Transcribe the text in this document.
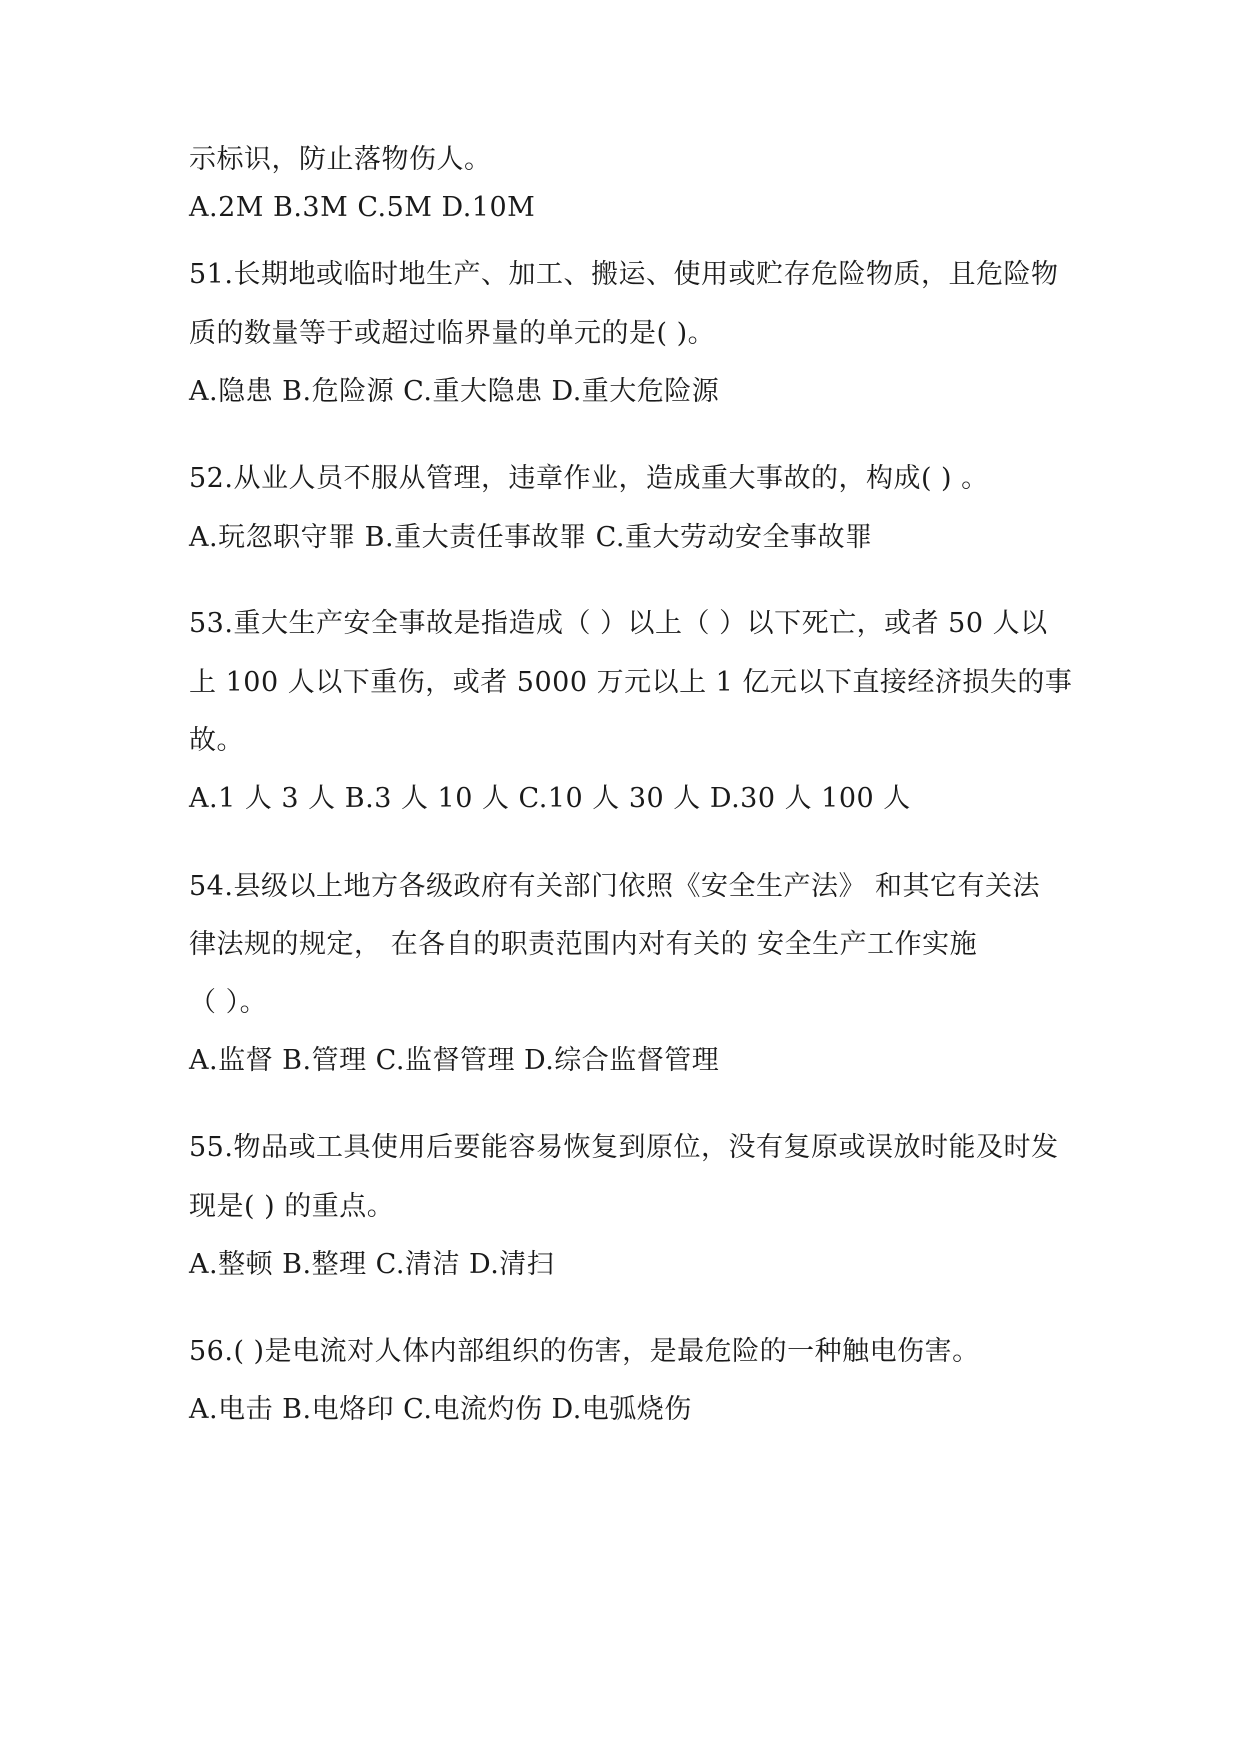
示标识，防止落物伤人。
A.2M B.3M C.5M D.10M
51.长期地或临时地生产、加工、搬运、使用或贮存危险物质，且危险物
质的数量等于或超过临界量的单元的是( )。
A.隐患 B.危险源 C.重大隐患 D.重大危险源
52.从业人员不服从管理，违章作业，造成重大事故的，构成( ) 。
A.玩忽职守罪 B.重大责任事故罪 C.重大劳动安全事故罪
53.重大生产安全事故是指造成（ ）以上（ ）以下死亡，或者 50 人以
上 100 人以下重伤，或者 5000 万元以上 1 亿元以下直接经济损失的事
故。
A.1 人 3 人 B.3 人 10 人 C.10 人 30 人 D.30 人 100 人
54.县级以上地方各级政府有关部门依照《安全生产法》 和其它有关法
律法规的规定， 在各自的职责范围内对有关的 安全生产工作实施
（ ）。
A.监督 B.管理 C.监督管理 D.综合监督管理
55.物品或工具使用后要能容易恢复到原位，没有复原或误放时能及时发
现是( ) 的重点。
A.整顿 B.整理 C.清洁 D.清扫
56.( )是电流对人体内部组织的伤害，是最危险的一种触电伤害。
A.电击 B.电烙印 C.电流灼伤 D.电弧烧伤
